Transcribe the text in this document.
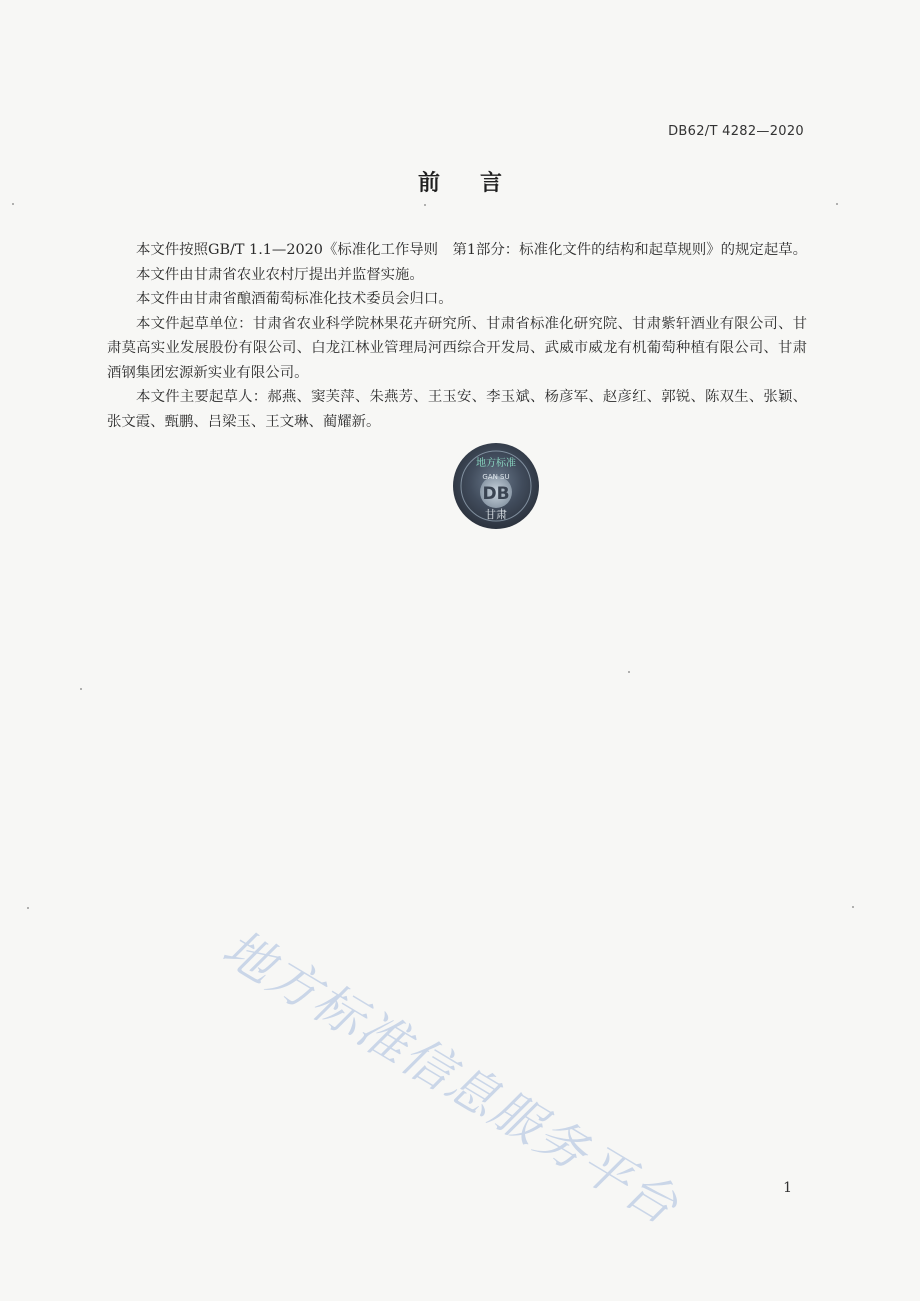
DB62/T 4282—2020
前言

本文件按照GB/T 1.1—2020《标准化工作导则　第1部分：标准化文件的结构和起草规则》的规定起草。

本文件由甘肃省农业农村厅提出并监督实施。

本文件由甘肃省酿酒葡萄标准化技术委员会归口。

本文件起草单位：甘肃省农业科学院林果花卉研究所、甘肃省标准化研究院、甘肃紫轩酒业有限公司、甘肃莫高实业发展股份有限公司、白龙江林业管理局河西综合开发局、武威市威龙有机葡萄种植有限公司、甘肃酒钢集团宏源新实业有限公司。

本文件主要起草人：郝燕、窦芙萍、朱燕芳、王玉安、李玉斌、杨彦军、赵彦红、郭锐、陈双生、张颖、张文霞、甄鹏、吕梁玉、王文琳、蔺耀新。

地方标准
GAN SU
DB
甘肃
地方标准信息服务平台	1
